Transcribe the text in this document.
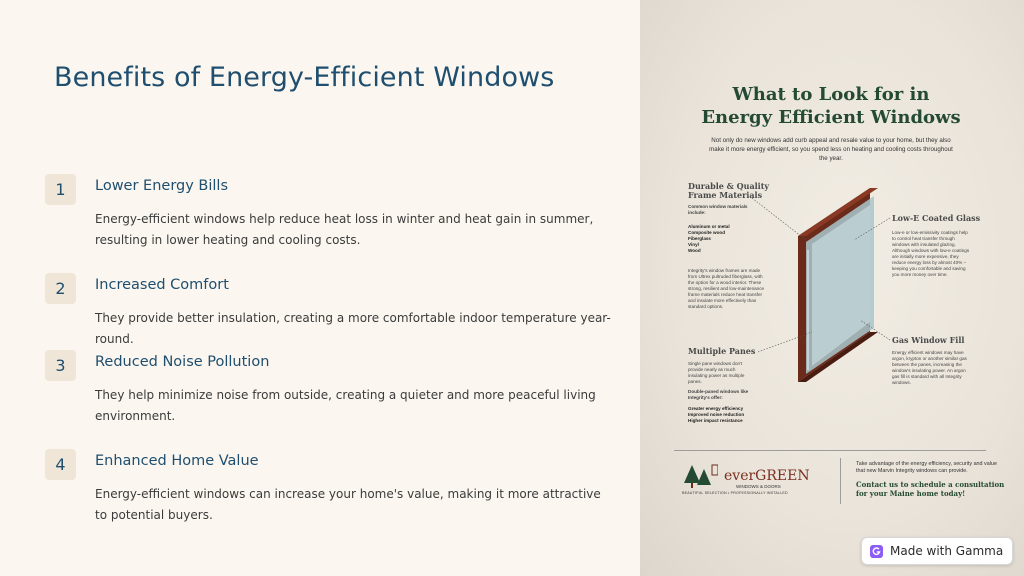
Benefits of Energy-Efficient Windows
1	Lower Energy Bills
Energy-efficient windows help reduce heat loss in winter and heat gain in summer, resulting in lower heating and cooling costs.
2	Increased Comfort
They provide better insulation, creating a more comfortable indoor temperature year-round.
3	Reduced Noise Pollution
They help minimize noise from outside, creating a quieter and more peaceful living environment.
4	Enhanced Home Value
Energy-efficient windows can increase your home's value, making it more attractive to potential buyers.
What to Look for in
Energy Efficient Windows
Not only do new windows add curb appeal and resale value to your home, but they also make it more energy efficient, so you spend less on heating and cooling costs throughout the year.
Durable & Quality Frame Materials
Common window materials include:
Aluminum or metal
Composite wood
Fiberglass
Vinyl
Wood
Integrity's window frames are made from Ultrex pultruded fiberglass, with the option for a wood interior. These strong, resilient and low-maintenance frame materials reduce heat transfer and insulate more effectively than standard options.
Low-E Coated Glass
Low-e or low-emissivity coatings help to control heat transfer through windows with insulated glazing. Although windows with low-e coatings are initially more expensive, they reduce energy loss by almost 40% – keeping you comfortable and saving you more money over time.
Gas Window Fill
Energy efficient windows may have argon, krypton or another similar gas between the panes, increasing the window's insulating power. An argon gas fill is standard with all Integrity windows.
Multiple Panes
Single pane windows don't provide nearly as much insulating power as multiple panes.
Double-paned windows like Integrity's offer:
Greater energy efficiency
Improved noise reduction
Higher impact resistance
everGREEN
WINDOWS & DOORS
BEAUTIFUL SELECTION • PROFESSIONALLY INSTALLED
Take advantage of the energy efficiency, security and value that new Marvin Integrity windows can provide.
Contact us to schedule a consultation for your Maine home today!
Made with Gamma
